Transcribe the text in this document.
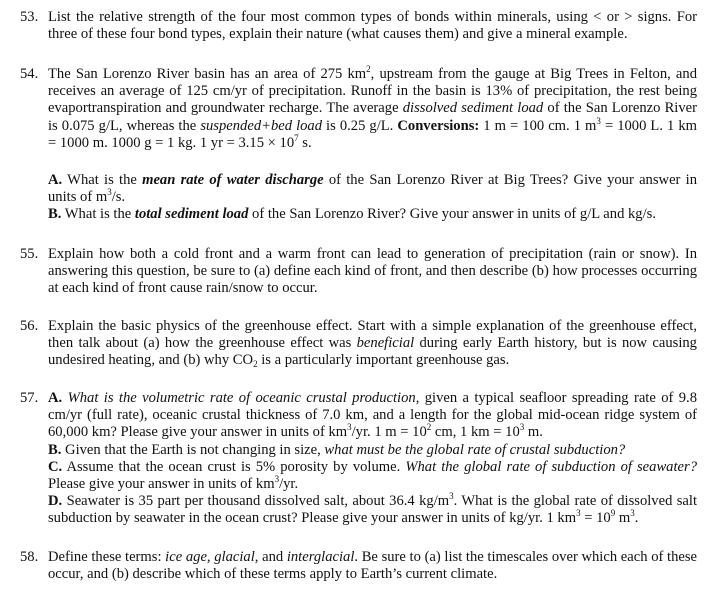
53. List the relative strength of the four most common types of bonds within minerals, using < or > signs. For three of these four bond types, explain their nature (what causes them) and give a mineral example.

54. The San Lorenzo River basin has an area of 275 $km^2$, upstream from the gauge at Big Trees in Felton, and receives an average of 125 cm/yr of precipitation. Runoff in the basin is 13% of precipitation, the rest being evaportranspiration and groundwater recharge. The average dissolved sediment load of the San Lorenzo River is 0.075 g/L, whereas the suspended+bed load is 0.25 g/L. Conversions: 1 m = 100 cm. 1 $m^3 = 1000$ L. 1 km = 1000 m. 1000 g = 1 kg. 1 yr = $3.15 \times 10^7$ s.

A. What is the mean rate of water discharge of the San Lorenzo River at Big Trees? Give your answer in units of $m^3/s$.

B. What is the total sediment load of the San Lorenzo River? Give your answer in units of g/L and kg/s.

55. Explain how both a cold front and a warm front can lead to generation of precipitation (rain or snow). In answering this question, be sure to (a) define each kind of front, and then describe (b) how processes occurring at each kind of front cause rain/snow to occur.

56. Explain the basic physics of the greenhouse effect. Start with a simple explanation of the greenhouse effect, then talk about (a) how the greenhouse effect was beneficial during early Earth history, but is now causing undesired heating, and (b) why $CO_2$ is a particularly important greenhouse gas.

57. A. What is the volumetric rate of oceanic crustal production, given a typical seafloor spreading rate of 9.8 cm/yr (full rate), oceanic crustal thickness of 7.0 km, and a length for the global mid-ocean ridge system of 60,000 km? Please give your answer in units of $km^3/yr$. 1 $m = 10^2$ cm, 1 km = $10^3$ m.

B. Given that the Earth is not changing in size, what must be the global rate of crustal subduction?

C. Assume that the ocean crust is 5% porosity by volume. What the global rate of subduction of seawater? Please give your answer in units of $km^3/yr$.

D. Seawater is 35 part per thousand dissolved salt, about 36.4 $kg/m^3$. What is the global rate of dissolved salt subduction by seawater in the ocean crust? Please give your answer in units of kg/yr. 1 $km^3 = 10^9$ $m^3$.

58. Define these terms: ice age, glacial, and interglacial. Be sure to (a) list the timescales over which each of these occur, and (b) describe which of these terms apply to Earth’s current climate.
